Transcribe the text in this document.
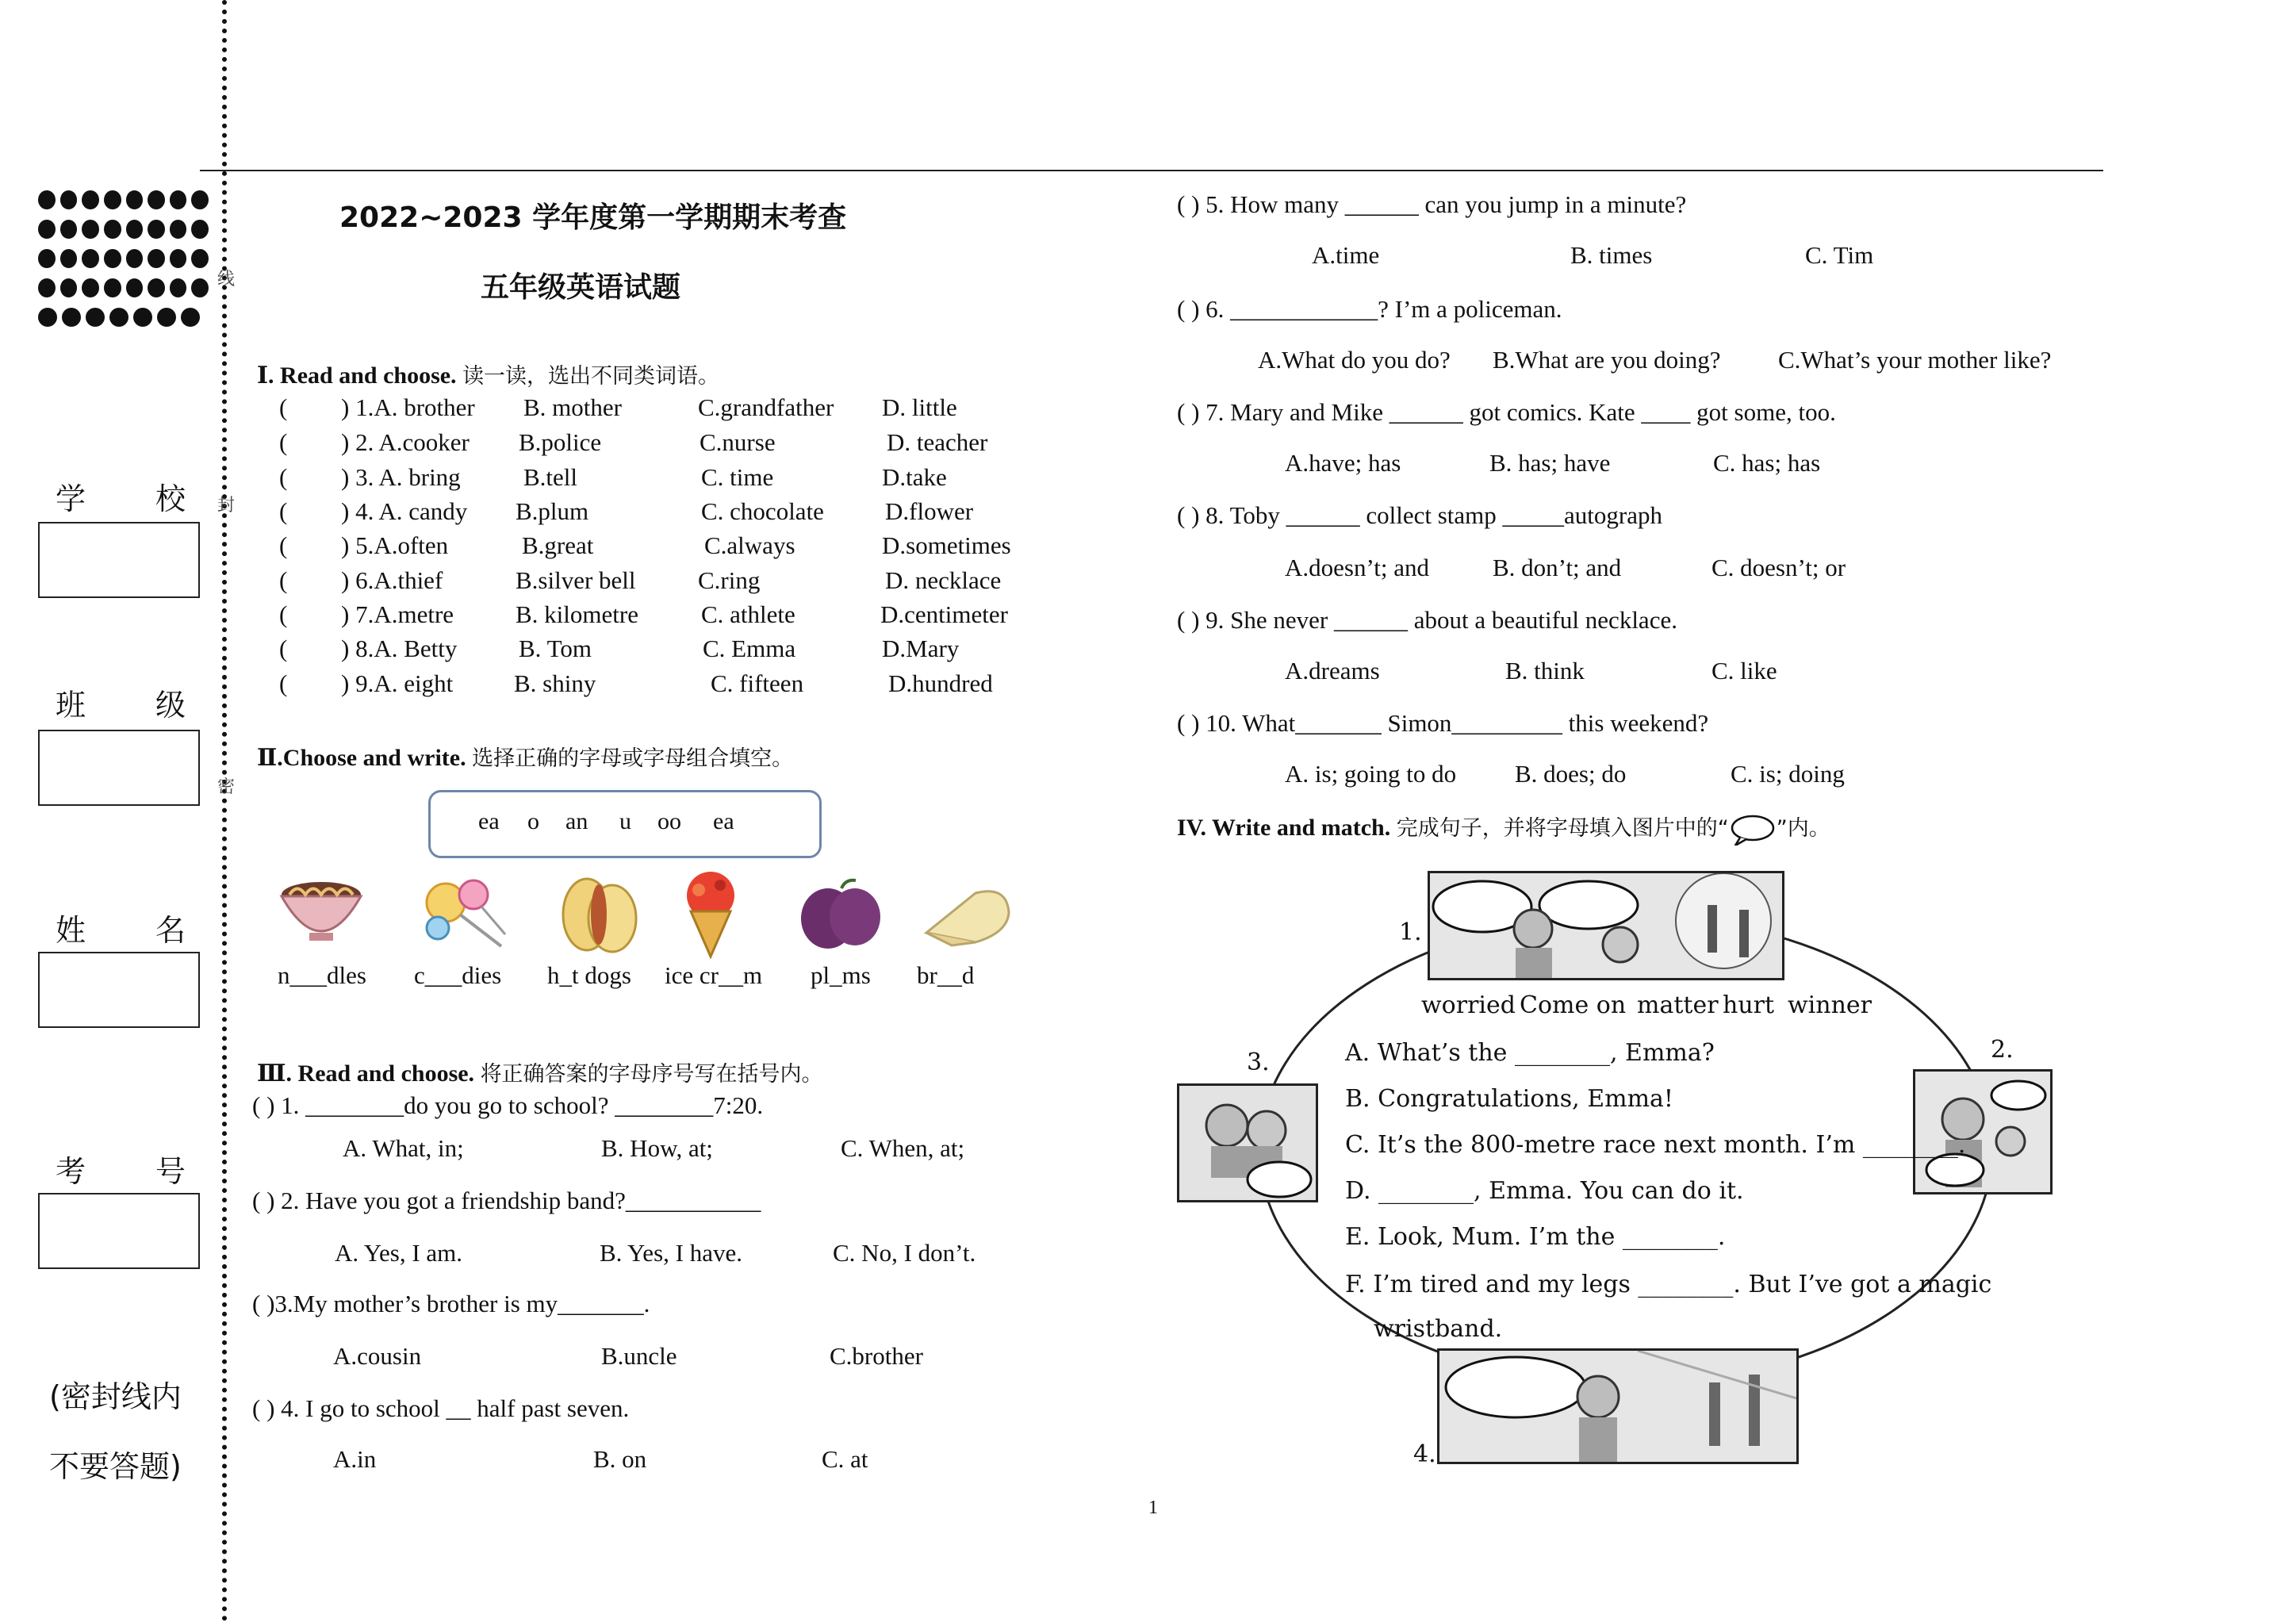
线
封
密
学 校
班 级
姓 名
考 号
(密封线内
不要答题)
2022~2023 学年度第一学期期末考查
五年级英语试题
Ⅰ. Read and choose. 读一读，选出不同类词语。
( ) 1.A. brother B. mother	C.grandfather D. little
( ) 2. A.cooker B.police	C.nurse	D. teacher
( ) 3. A. bring	B.tell	C. time	D.take
( ) 4. A. candy B.plum	C. chocolate D.flower
( ) 5.A.often	B.great	C.always	D.sometimes
( ) 6.A.thief	B.silver bell	C.ring	D. necklace
( ) 7.A.metre	B. kilometre	C. athlete	D.centimeter
( ) 8.A. Betty	B. Tom	C. Emma	D.Mary
( ) 9.A. eight B. shiny	C. fifteen	D.hundred
Ⅱ.Choose and write. 选择正确的字母或字母组合填空。
ea o an u oo ea
n___dles c___dies h_t dogs ice cr__m pl_ms br__d
Ⅲ. Read and choose. 将正确答案的字母序号写在括号内。
( ) 1. ________do you go to school? ________7:20.
A. What, in;	B. How, at;	C. When, at;
( ) 2. Have you got a friendship band?___________
A. Yes, I am.	B. Yes, I have.	C. No, I don’t.
( )3.My mother’s brother is my_______.
A.cousin	B.uncle	C.brother
( ) 4. I go to school __ half past seven.
A.in	B. on	C. at
( ) 5. How many ______ can you jump in a minute?
A.time	B. times	C. Tim
( ) 6. ____________? I’m a policeman.
A.What do you do? B.What are you doing? C.What’s your mother like?
( ) 7. Mary and Mike ______ got comics. Kate ____ got some, too.
A.have; has	B. has; have	C. has; has
( ) 8. Toby ______ collect stamp _____autograph
A.doesn’t; and	B. don’t; and	C. doesn’t; or
( ) 9. She never ______ about a beautiful necklace.
A.dreams	B. think	C. like
( ) 10. What_______ Simon_________ this weekend?
A. is; going to do B. does; do	C. is; doing
IV. Write and match. 完成句子，并将字母填入图片中的“ ”内。
1.
2.
3.
4.
worried Come on matter hurt winner
A. What’s the ________, Emma?
B. Congratulations, Emma!
C. It’s the 800-metre race next month. I’m ________.
D. ________, Emma. You can do it.
E. Look, Mum. I’m the ________.
F. I’m tired and my legs ________. But I’ve got a magic
wristband.
1
